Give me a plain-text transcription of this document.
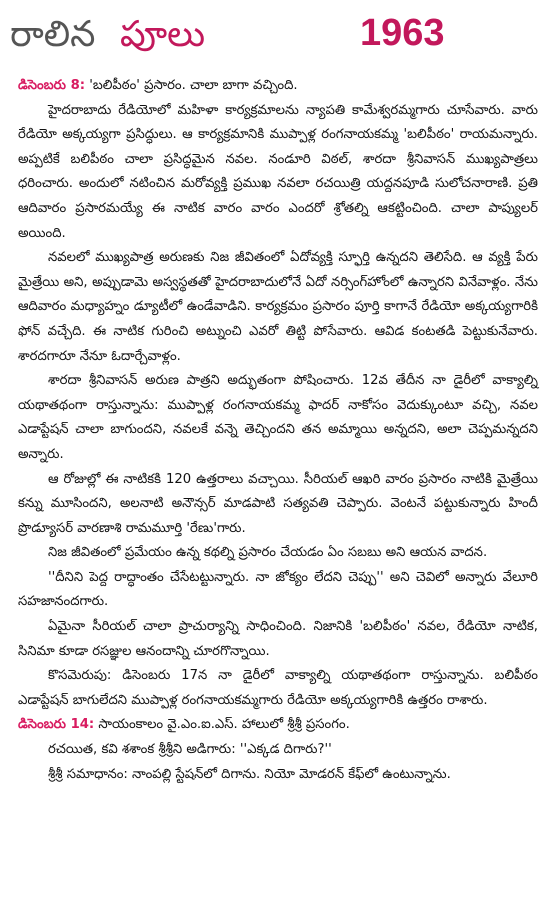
రాలిన పూలు	1963

డిసెంబరు 8: 'బలిపీఠం' ప్రసారం. చాలా బాగా వచ్చింది.

హైదరాబాదు రేడియోలో మహిళా కార్యక్రమాలను న్యాపతి కామేశ్వరమ్మగారు చూసేవారు. వారు రేడియో అక్కయ్యగా ప్రసిద్ధులు. ఆ కార్యక్రమానికి ముప్పాళ్ల రంగనాయకమ్మ 'బలిపీఠం' రాయమన్నారు. అప్పటికే బలిపీఠం చాలా ప్రసిద్ధమైన నవల. నండూరి విఠల్, శారదా శ్రీనివాసన్ ముఖ్యపాత్రలు ధరించారు. అందులో నటించిన మరోవ్యక్తి ప్రముఖ నవలా రచయిత్రి యద్దనపూడి సులోచనారాణి. ప్రతి ఆదివారం ప్రసారమయ్యే ఈ నాటిక వారం వారం ఎందరో శ్రోతల్ని ఆకట్టించింది. చాలా పాప్యులర్ అయింది.

నవలలో ముఖ్యపాత్ర అరుణకు నిజ జీవితంలో ఏదోవ్యక్తి స్ఫూర్తి ఉన్నదని తెలిసేది. ఆ వ్యక్తి పేరు మైత్రేయి అని, అప్పుడామె అస్వస్థతతో హైదరాబాదులోనే ఏదో నర్సింగ్‌హోంలో ఉన్నారని వినేవాళ్లం. నేను ఆదివారం మధ్యాహ్నం డ్యూటీలో ఉండేవాడిని. కార్యక్రమం ప్రసారం పూర్తి కాగానే రేడియో అక్కయ్యగారికి ఫోన్ వచ్చేది. ఈ నాటిక గురించి అట్నుంచి ఎవరో తిట్టి పోసేవారు. ఆవిడ కంటతడి పెట్టుకునేవారు. శారదగారూ నేనూ ఓదార్చేవాళ్లం.

శారదా శ్రీనివాసన్ అరుణ పాత్రని అద్భుతంగా పోషించారు. 12వ తేదీన నా డైరీలో వాక్యాల్ని యథాతథంగా రాస్తున్నాను: ముప్పాళ్ల రంగనాయకమ్మ ఫాదర్ నాకోసం వెదుక్కుంటూ వచ్చి, నవల ఎడాప్టేషన్ చాలా బాగుందని, నవలకే వన్నె తెచ్చిందని తన అమ్మాయి అన్నదని, అలా చెప్పమన్నదని అన్నారు.

ఆ రోజుల్లో ఈ నాటికకి 120 ఉత్తరాలు వచ్చాయి. సీరియల్ ఆఖరి వారం ప్రసారం నాటికి మైత్రేయి కన్ను మూసిందని, అలనాటి అనౌన్సర్ మాడపాటి సత్యవతి చెప్పారు. వెంటనే పట్టుకున్నారు హిందీ ప్రొడ్యూసర్ వారణాశి రామమూర్తి 'రేణు'గారు.

నిజ జీవితంలో ప్రమేయం ఉన్న కథల్ని ప్రసారం చేయడం ఏం సబబు అని ఆయన వాదన.

''దీనిని పెద్ద రాద్ధాంతం చేసేటట్టున్నారు. నా జోక్యం లేదని చెప్పు'' అని చెవిలో అన్నారు వేలూరి సహజానందగారు.

ఏమైనా సీరియల్ చాలా ప్రాచుర్యాన్ని సాధించింది. నిజానికి 'బలిపీఠం' నవల, రేడియో నాటిక, సినిమా కూడా రసజ్ఞుల ఆనందాన్ని చూరగొన్నాయి.

కొసమెరుపు: డిసెంబరు 17న నా డైరీలో వాక్యాల్ని యథాతథంగా రాస్తున్నాను. బలిపీఠం ఎడాప్టేషన్ బాగులేదని ముప్పాళ్ల రంగనాయకమ్మగారు రేడియో అక్కయ్యగారికి ఉత్తరం రాశారు.

డిసెంబరు 14: సాయంకాలం వై.ఎం.ఐ.ఎస్. హాలులో శ్రీశ్రీ ప్రసంగం.

రచయిత, కవి శశాంక శ్రీశ్రీని అడిగారు: ''ఎక్కడ దిగారు?''

శ్రీశ్రీ సమాధానం: నాంపల్లి స్టేషన్‌లో దిగాను. నియో మోడరన్ కేఫ్‌లో ఉంటున్నాను.
